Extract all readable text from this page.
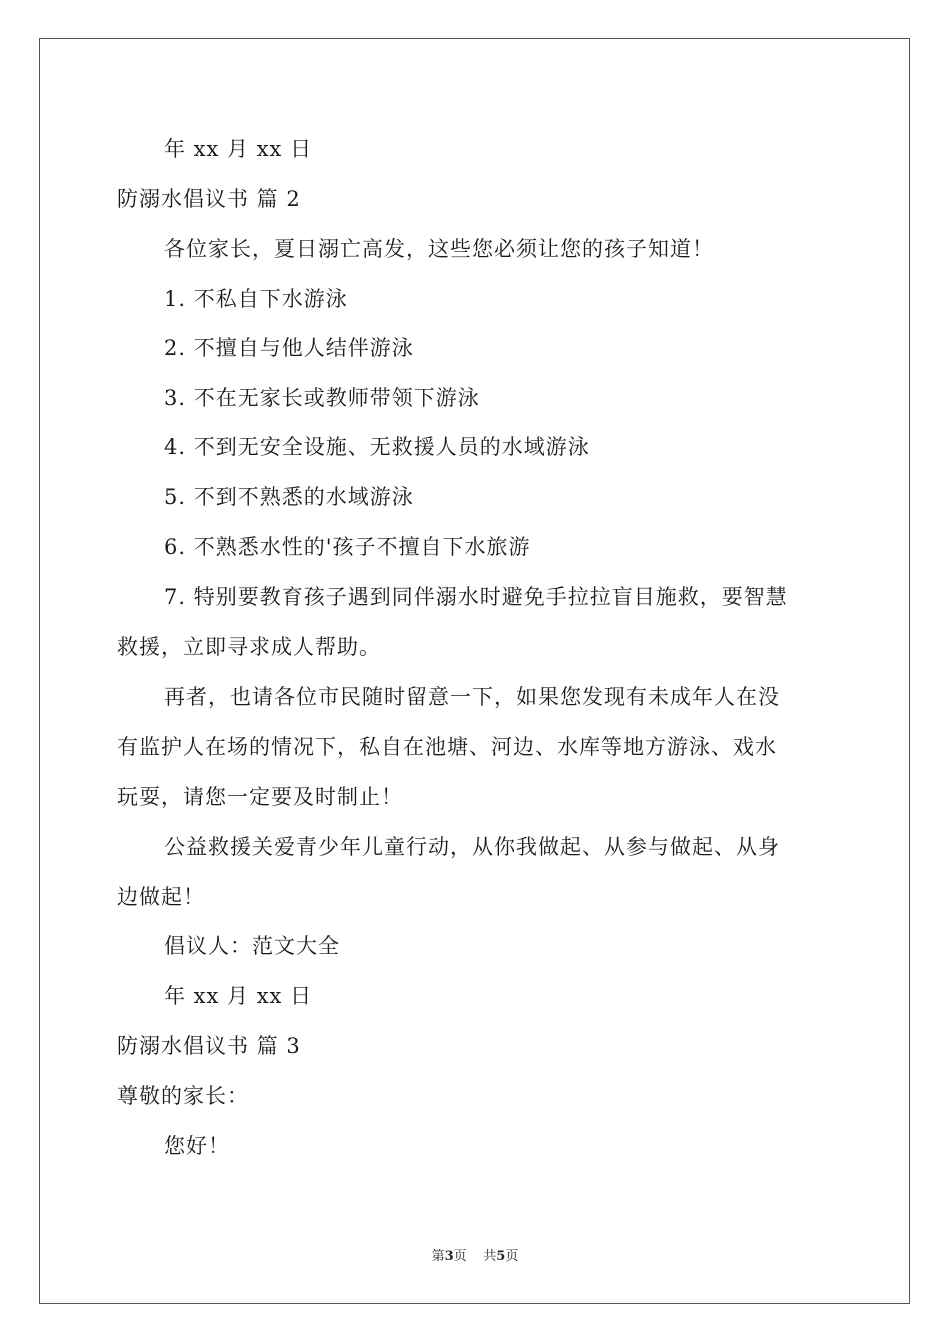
年 xx 月 xx 日
防溺水倡议书 篇 2
各位家长，夏日溺亡高发，这些您必须让您的孩子知道！
1. 不私自下水游泳
2. 不擅自与他人结伴游泳
3. 不在无家长或教师带领下游泳
4. 不到无安全设施、无救援人员的水域游泳
5. 不到不熟悉的水域游泳
6. 不熟悉水性的'孩子不擅自下水旅游
7. 特别要教育孩子遇到同伴溺水时避免手拉拉盲目施救，要智慧
救援，立即寻求成人帮助。
再者，也请各位市民随时留意一下，如果您发现有未成年人在没
有监护人在场的情况下，私自在池塘、河边、水库等地方游泳、戏水
玩耍，请您一定要及时制止！
公益救援关爱青少年儿童行动，从你我做起、从参与做起、从身
边做起！
倡议人：范文大全
年 xx 月 xx 日
防溺水倡议书 篇 3
尊敬的家长：
您好！
第3页 共5页
